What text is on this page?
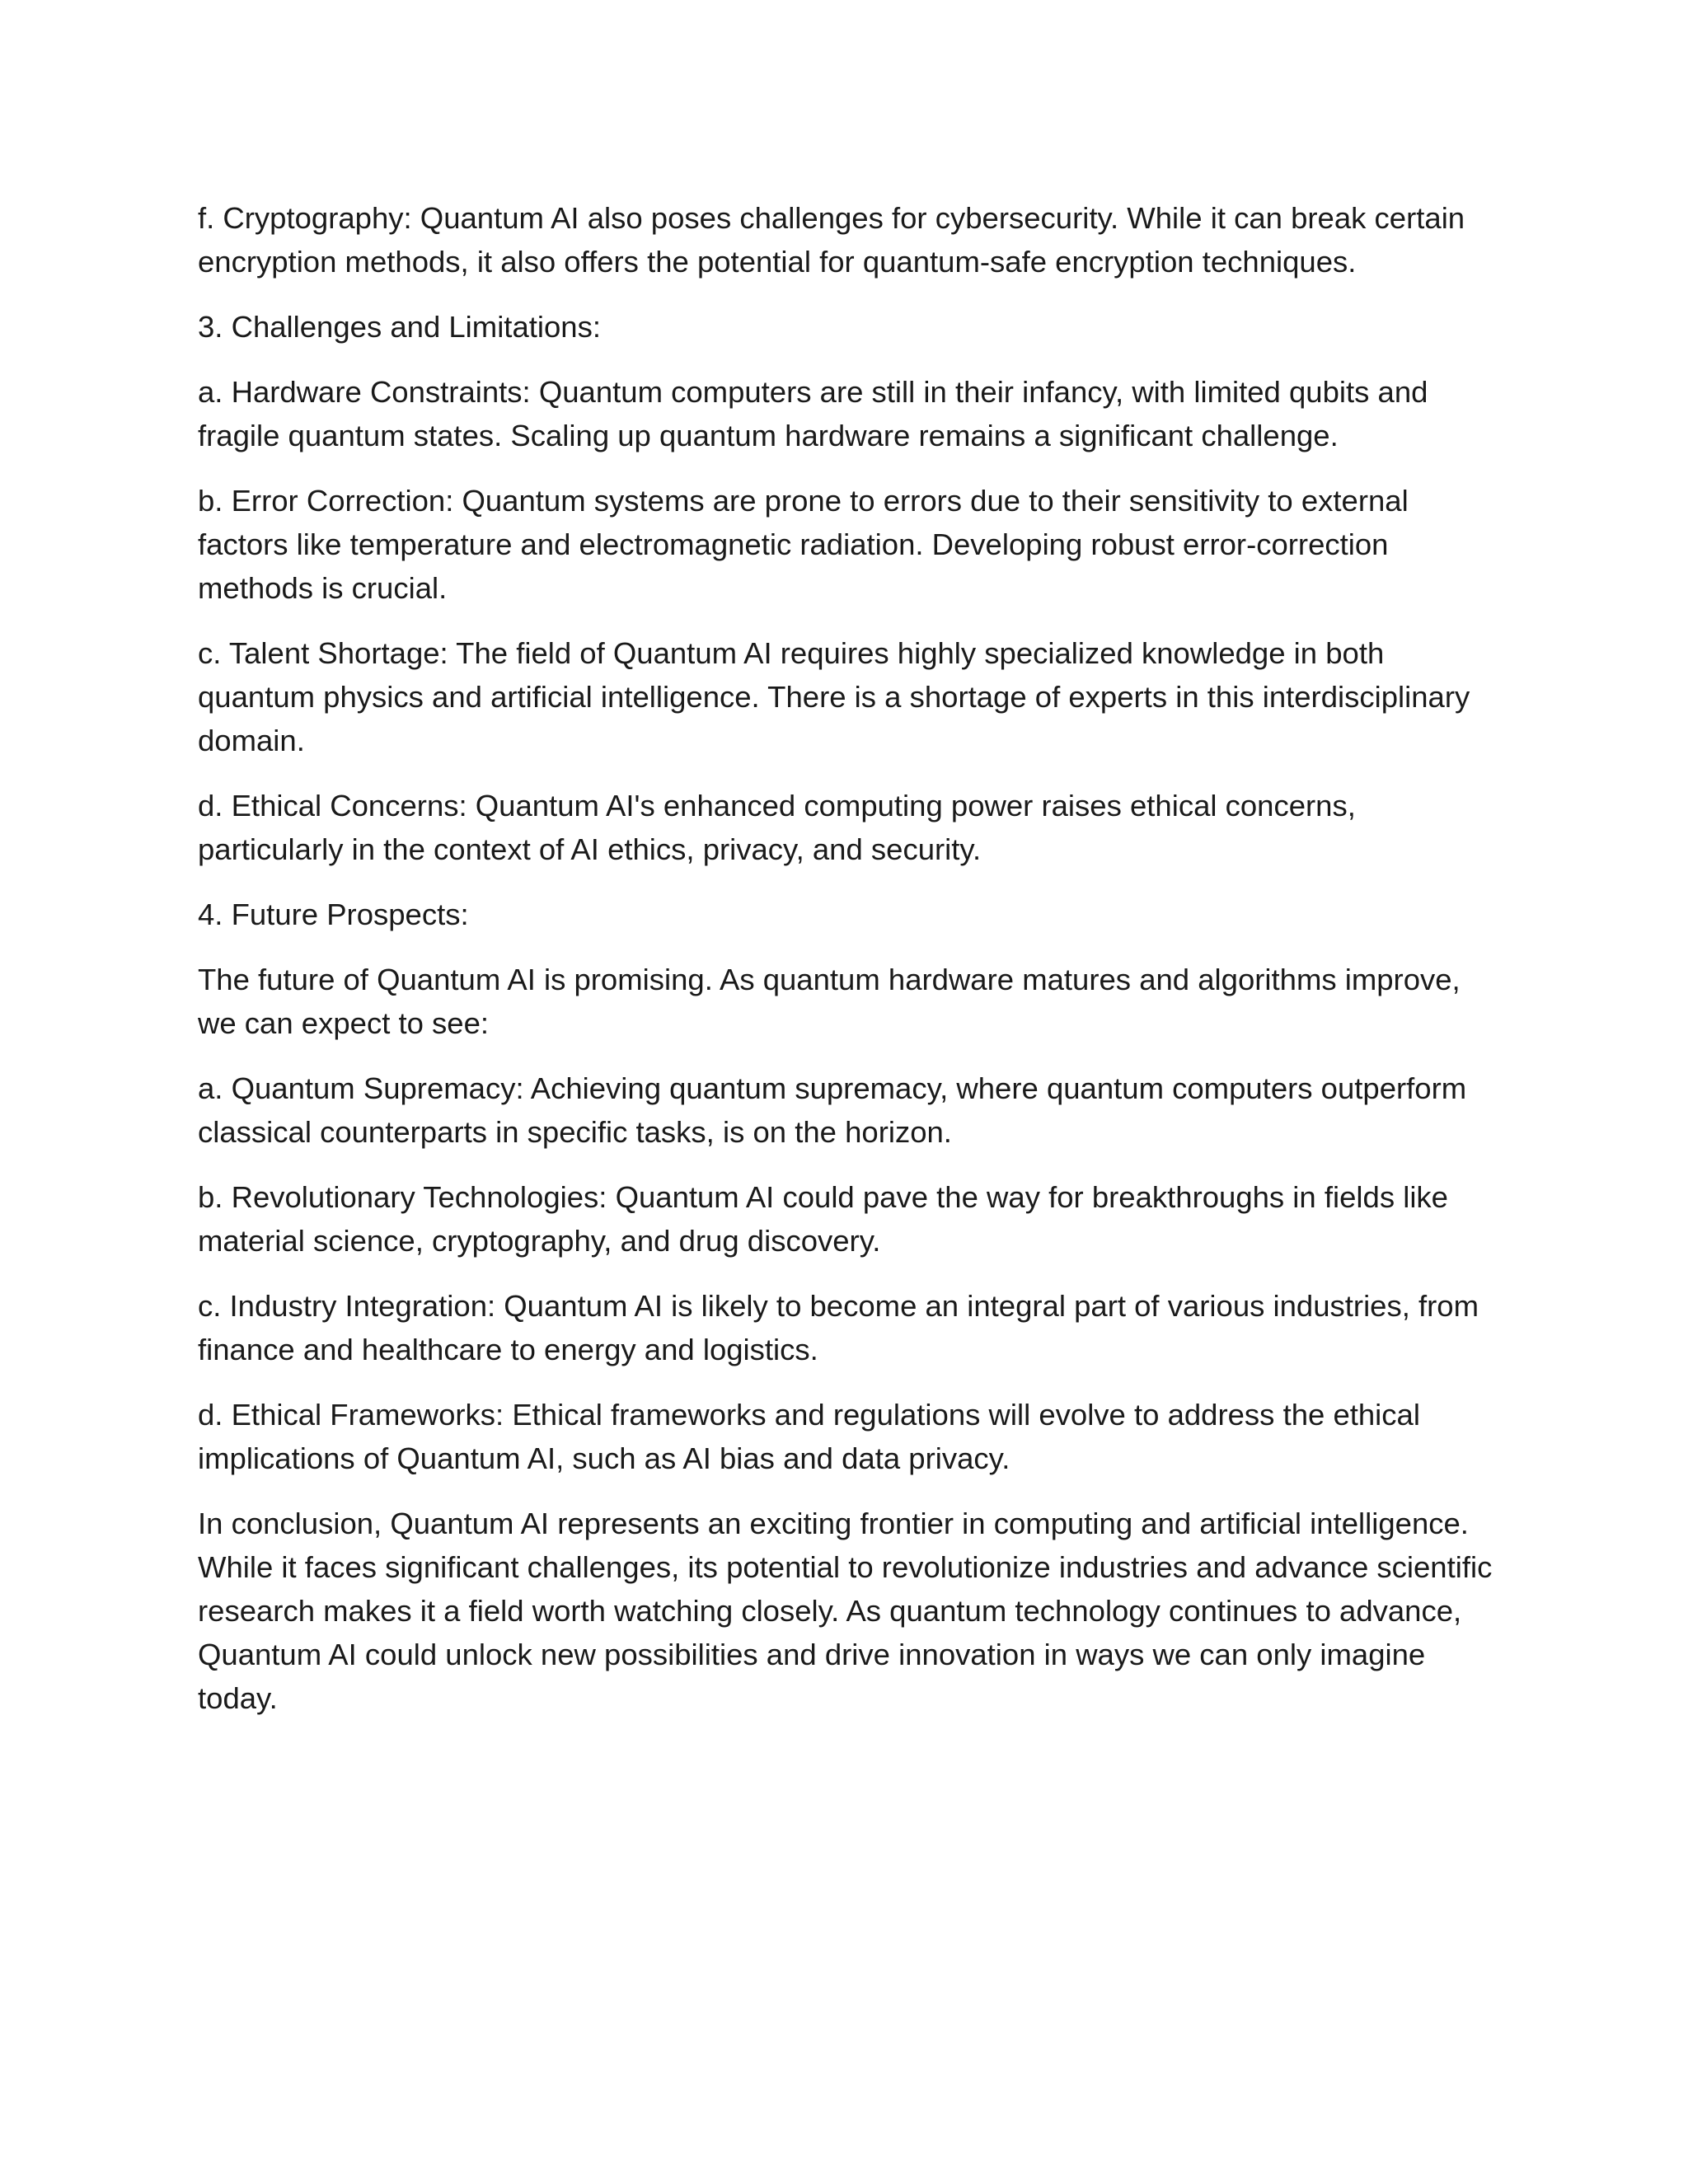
f. Cryptography: Quantum AI also poses challenges for cybersecurity. While it can break certain encryption methods, it also offers the potential for quantum-safe encryption techniques.

3. Challenges and Limitations:

a. Hardware Constraints: Quantum computers are still in their infancy, with limited qubits and fragile quantum states. Scaling up quantum hardware remains a significant challenge.

b. Error Correction: Quantum systems are prone to errors due to their sensitivity to external factors like temperature and electromagnetic radiation. Developing robust error-correction methods is crucial.

c. Talent Shortage: The field of Quantum AI requires highly specialized knowledge in both quantum physics and artificial intelligence. There is a shortage of experts in this interdisciplinary domain.

d. Ethical Concerns: Quantum AI's enhanced computing power raises ethical concerns, particularly in the context of AI ethics, privacy, and security.

4. Future Prospects:

The future of Quantum AI is promising. As quantum hardware matures and algorithms improve, we can expect to see:

a. Quantum Supremacy: Achieving quantum supremacy, where quantum computers outperform classical counterparts in specific tasks, is on the horizon.

b. Revolutionary Technologies: Quantum AI could pave the way for breakthroughs in fields like material science, cryptography, and drug discovery.

c. Industry Integration: Quantum AI is likely to become an integral part of various industries, from finance and healthcare to energy and logistics.

d. Ethical Frameworks: Ethical frameworks and regulations will evolve to address the ethical implications of Quantum AI, such as AI bias and data privacy.

In conclusion, Quantum AI represents an exciting frontier in computing and artificial intelligence. While it faces significant challenges, its potential to revolutionize industries and advance scientific research makes it a field worth watching closely. As quantum technology continues to advance, Quantum AI could unlock new possibilities and drive innovation in ways we can only imagine today.
